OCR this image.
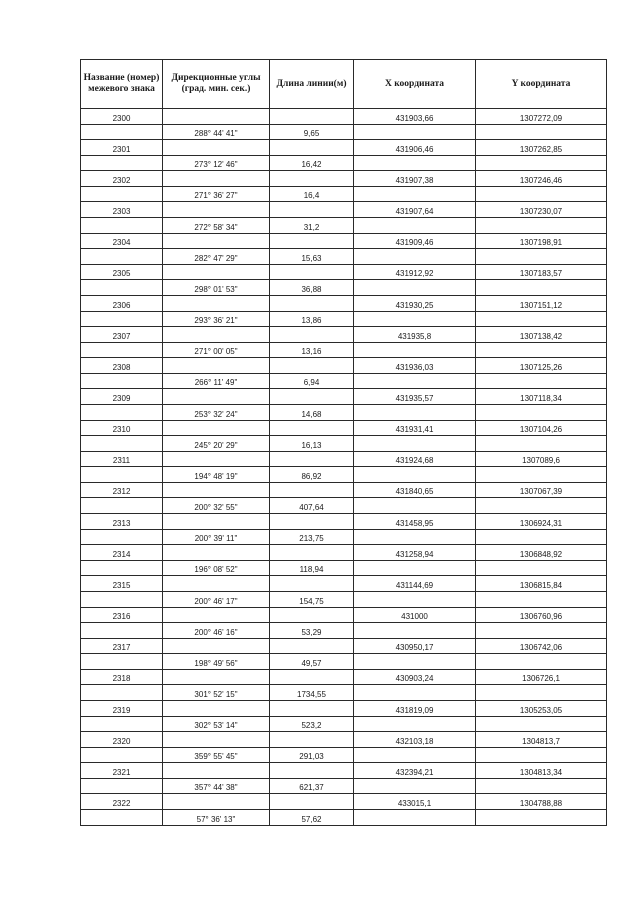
Название (номер) межевого знака	Дирекционные углы (град. мин. сек.)	Длина линии(м)	X координата	Y координата
2300			431903,66	1307272,09
	288° 44' 41"	9,65		
2301			431906,46	1307262,85
	273° 12' 46"	16,42		
2302			431907,38	1307246,46
	271° 36' 27"	16,4		
2303			431907,64	1307230,07
	272° 58' 34"	31,2		
2304			431909,46	1307198,91
	282° 47' 29"	15,63		
2305			431912,92	1307183,57
	298° 01' 53"	36,88		
2306			431930,25	1307151,12
	293° 36' 21"	13,86		
2307			431935,8	1307138,42
	271° 00' 05"	13,16		
2308			431936,03	1307125,26
	266° 11' 49"	6,94		
2309			431935,57	1307118,34
	253° 32' 24"	14,68		
2310			431931,41	1307104,26
	245° 20' 29"	16,13		
2311			431924,68	1307089,6
	194° 48' 19"	86,92		
2312			431840,65	1307067,39
	200° 32' 55"	407,64		
2313			431458,95	1306924,31
	200° 39' 11"	213,75		
2314			431258,94	1306848,92
	196° 08' 52"	118,94		
2315			431144,69	1306815,84
	200° 46' 17"	154,75		
2316			431000	1306760,96
	200° 46' 16"	53,29		
2317			430950,17	1306742,06
	198° 49' 56"	49,57		
2318			430903,24	1306726,1
	301° 52' 15"	1734,55		
2319			431819,09	1305253,05
	302° 53' 14"	523,2		
2320			432103,18	1304813,7
	359° 55' 45"	291,03		
2321			432394,21	1304813,34
	357° 44' 38"	621,37		
2322			433015,1	1304788,88
	57° 36' 13"	57,62		
